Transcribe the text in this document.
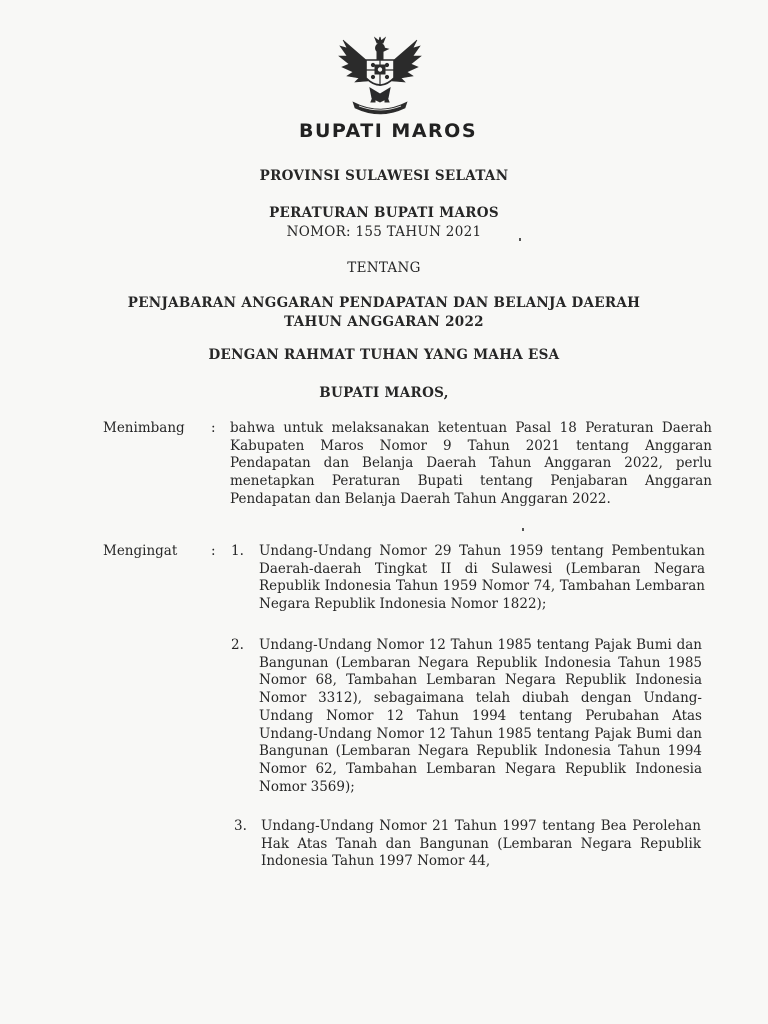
BUPATI MAROS
PROVINSI SULAWESI SELATAN
PERATURAN BUPATI MAROS
NOMOR: 155 TAHUN 2021
TENTANG
PENJABARAN ANGGARAN PENDAPATAN DAN BELANJA DAERAH
TAHUN ANGGARAN 2022
DENGAN RAHMAT TUHAN YANG MAHA ESA
BUPATI MAROS,
Menimbang : bahwa untuk melaksanakan ketentuan Pasal 18 Peraturan Daerah Kabupaten Maros Nomor 9 Tahun 2021 tentang Anggaran Pendapatan dan Belanja Daerah Tahun Anggaran 2022, perlu menetapkan Peraturan Bupati tentang Penjabaran Anggaran Pendapatan dan Belanja Daerah Tahun Anggaran 2022.

Mengingat : 1. Undang-Undang Nomor 29 Tahun 1959 tentang Pembentukan Daerah-daerah Tingkat II di Sulawesi (Lembaran Negara Republik Indonesia Tahun 1959 Nomor 74, Tambahan Lembaran Negara Republik Indonesia Nomor 1822);

2. Undang-Undang Nomor 12 Tahun 1985 tentang Pajak Bumi dan Bangunan (Lembaran Negara Republik Indonesia Tahun 1985 Nomor 68, Tambahan Lembaran Negara Republik Indonesia Nomor 3312), sebagaimana telah diubah dengan Undang-Undang Nomor 12 Tahun 1994 tentang Perubahan Atas Undang-Undang Nomor 12 Tahun 1985 tentang Pajak Bumi dan Bangunan (Lembaran Negara Republik Indonesia Tahun 1994 Nomor 62, Tambahan Lembaran Negara Republik Indonesia Nomor 3569);

3. Undang-Undang Nomor 21 Tahun 1997 tentang Bea Perolehan Hak Atas Tanah dan Bangunan (Lembaran Negara Republik Indonesia Tahun 1997 Nomor 44,
